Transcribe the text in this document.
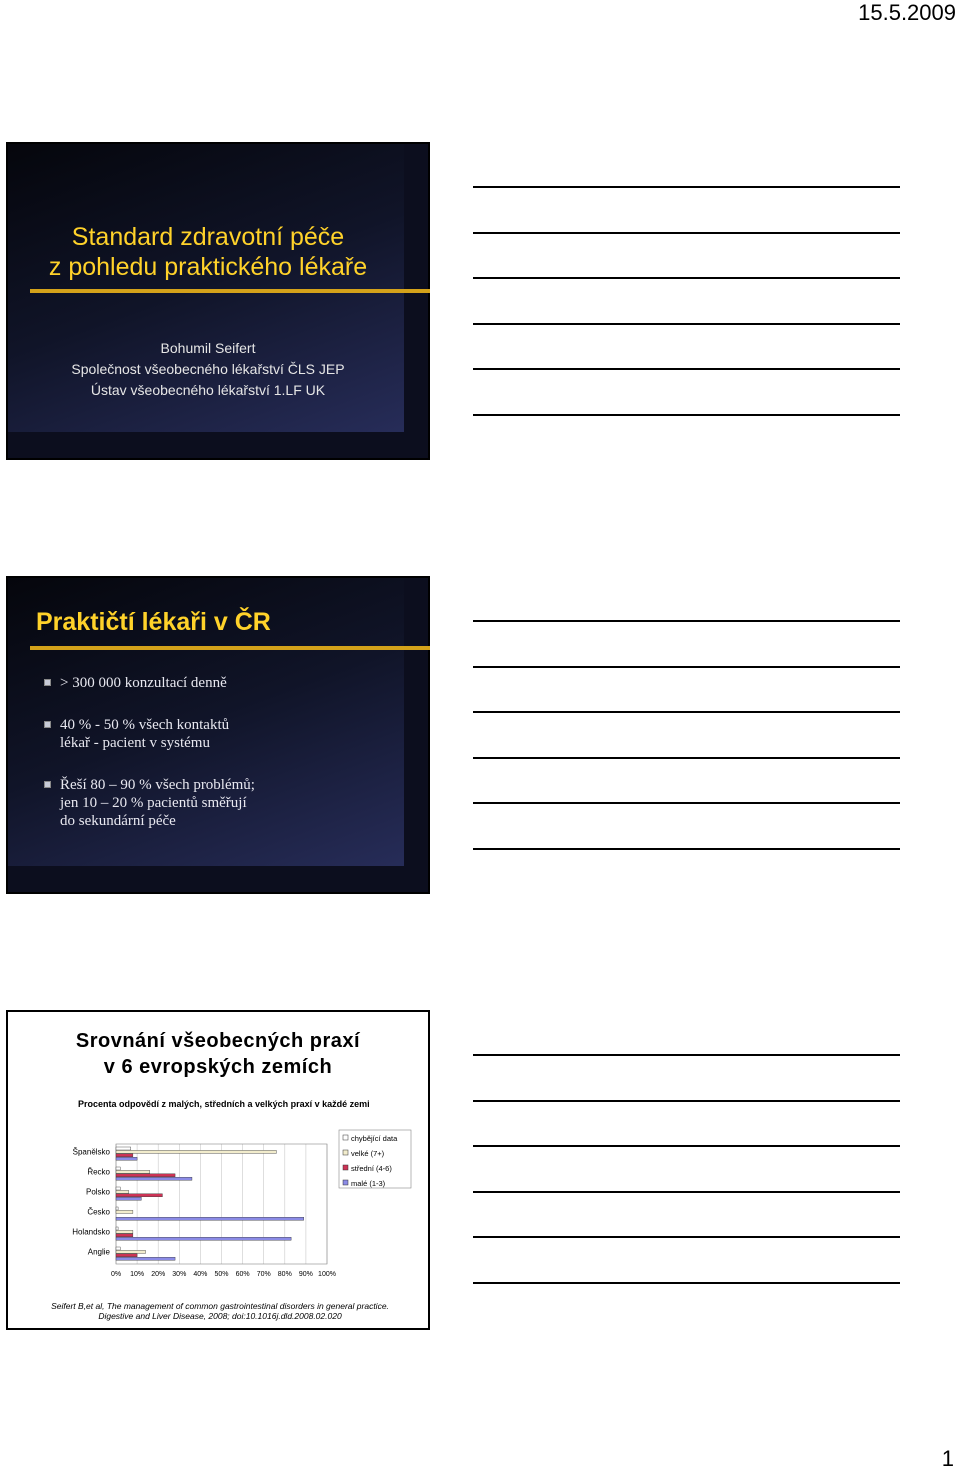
15.5.2009
Standard zdravotní péče
z pohledu praktického lékaře
Bohumil Seifert
Společnost všeobecného lékařství ČLS JEP
Ústav všeobecného lékařství 1.LF UK
Praktičtí lékaři v ČR
> 300 000 konzultací denně
40 % - 50 % všech kontaktů
lékař - pacient v systému
Řeší 80 – 90 % všech problémů;
jen 10 – 20 % pacientů směřují
do sekundární péče
Srovnání všeobecných praxí
v 6 evropských zemích
Procenta odpovědí z malých, středních a velkých praxí v každé zemi
0% 10% 20% 30% 40% 50% 60% 70% 80% 90% 100%
Španělsko
Řecko
Polsko
Česko
Holandsko
Anglie
chybějící data
velké (7+)
střední (4-6)
malé (1-3)
Seifert B,et al, The management of common gastrointestinal disorders in general practice.
Digestive and Liver Disease, 2008; doi:10.1016j.dld.2008.02.020
1
